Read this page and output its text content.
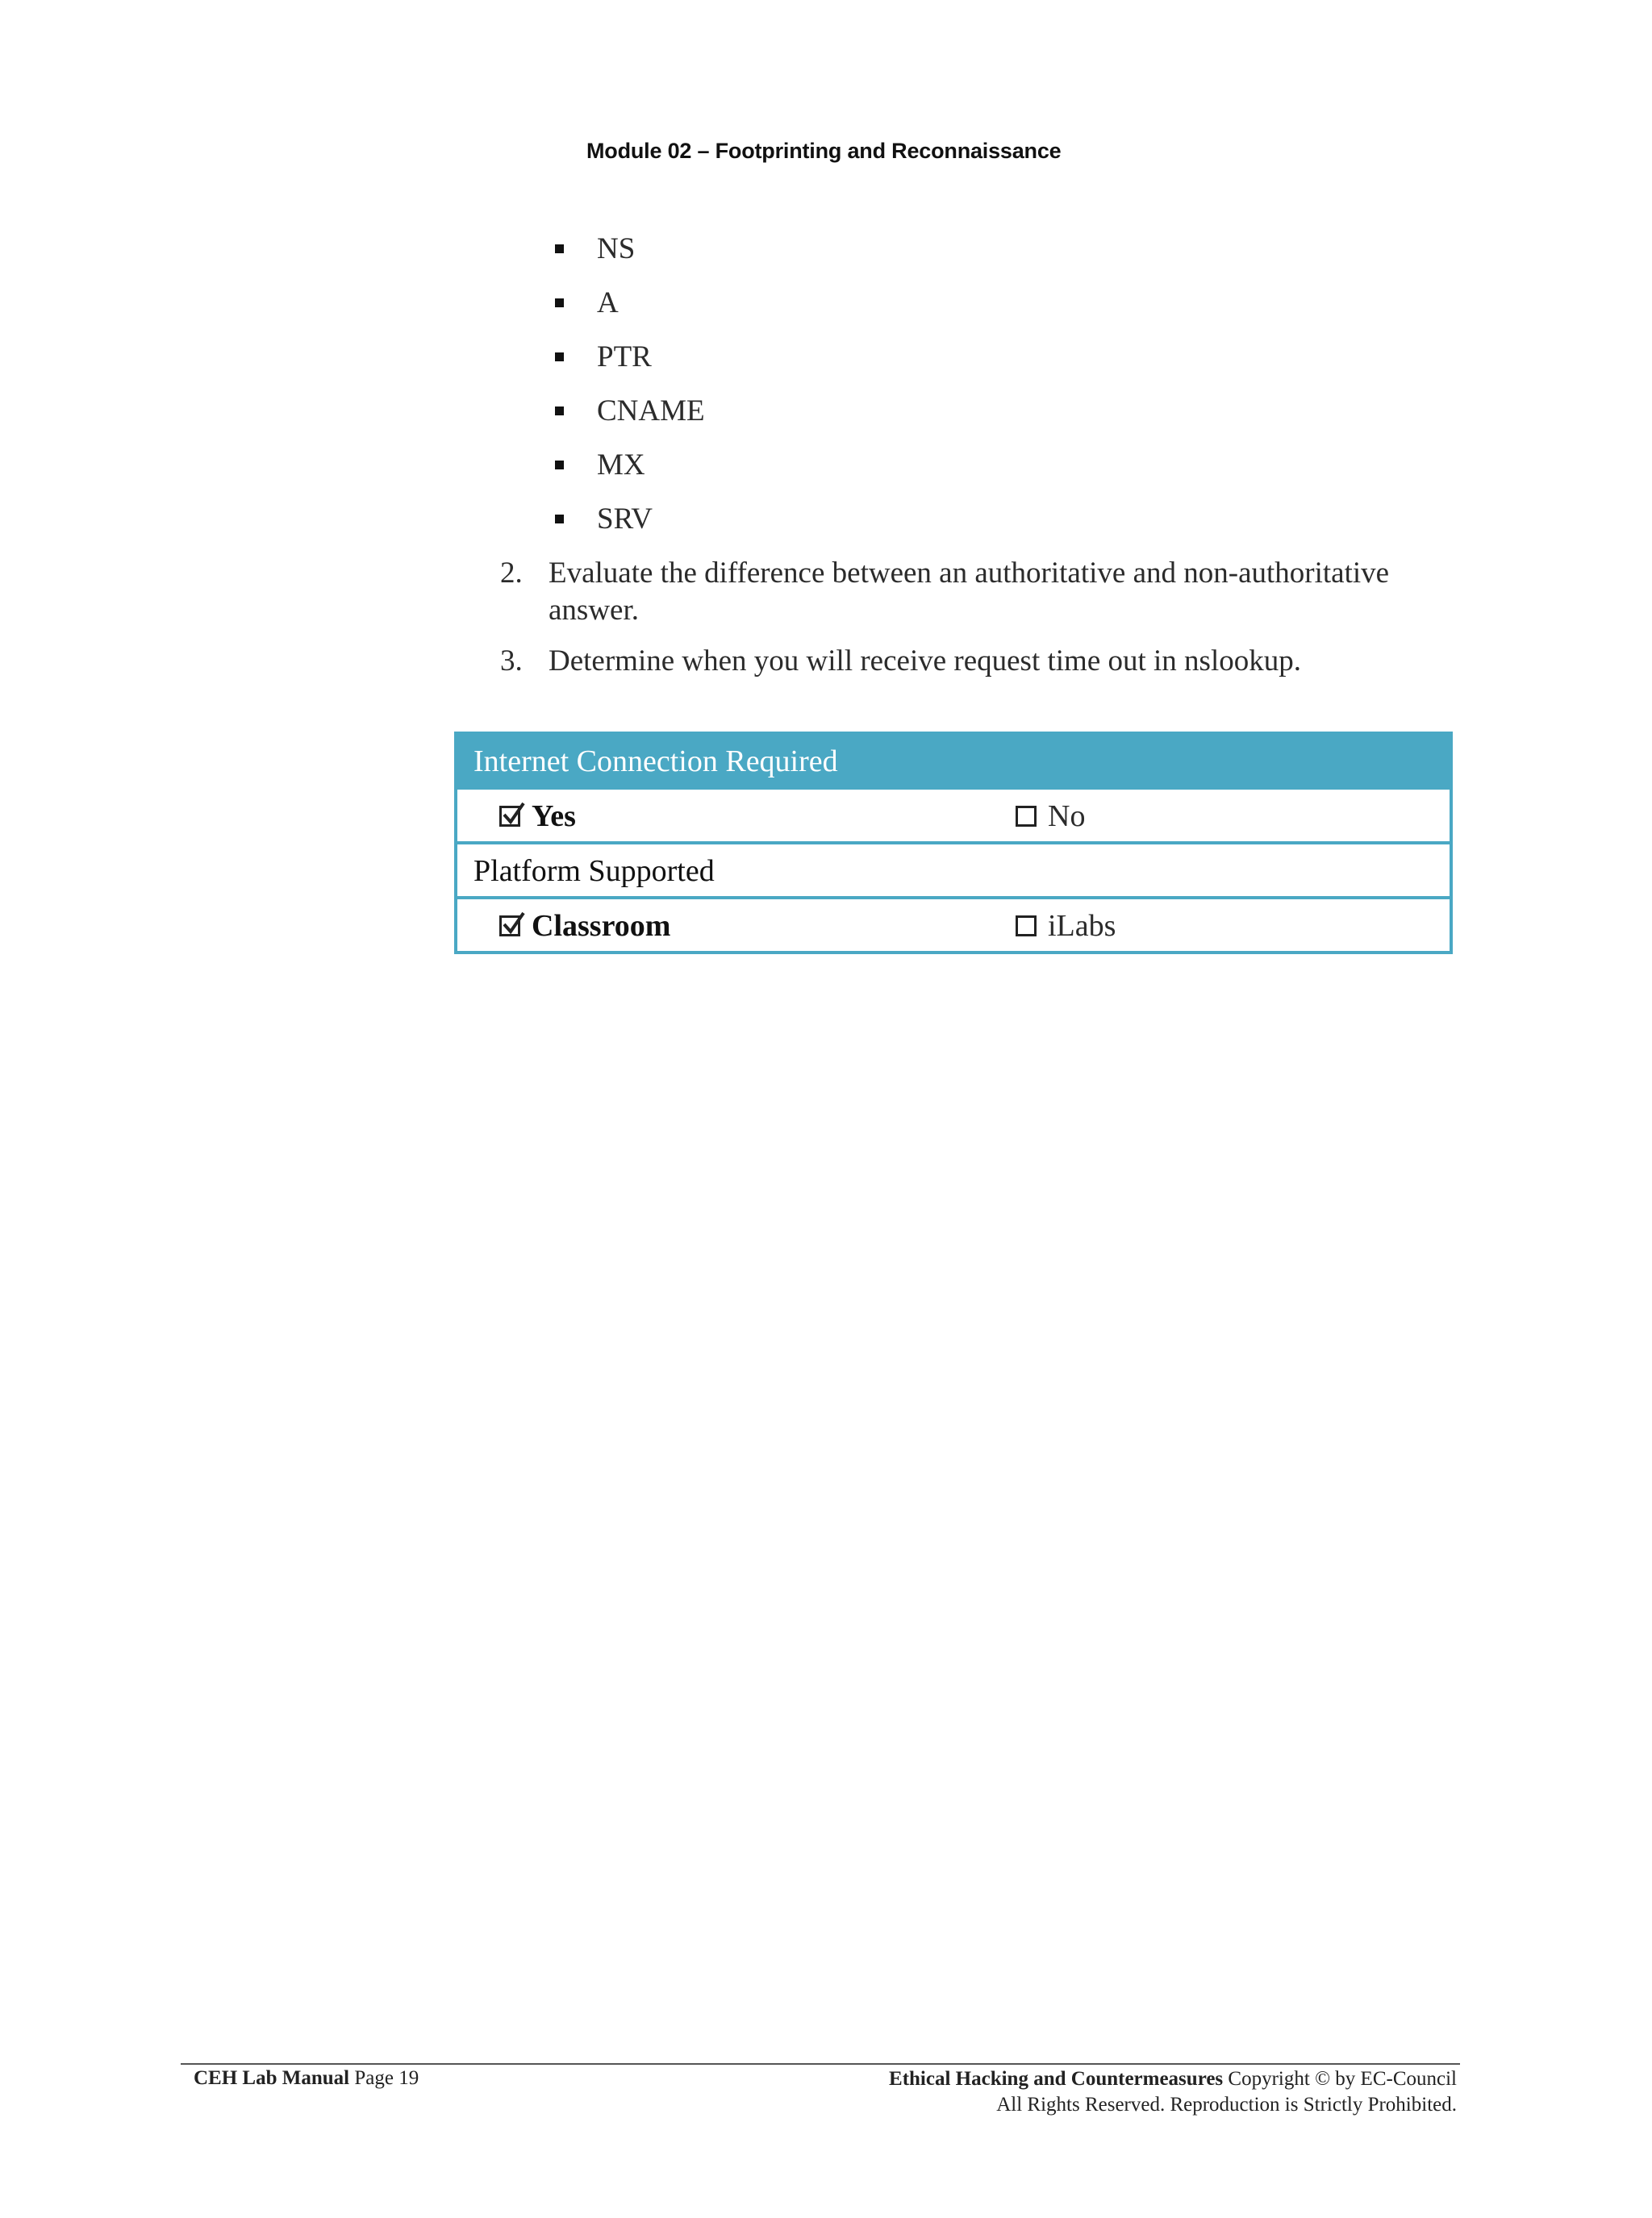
Module 02 – Footprinting and Reconnaissance
NS
A
PTR
CNAME
MX
SRV
2. Evaluate the difference between an authoritative and non-authoritative answer.
3. Determine when you will receive request time out in nslookup.
Internet Connection Required
Yes	No
Platform Supported
Classroom	iLabs
CEH Lab Manual Page 19	Ethical Hacking and Countermeasures Copyright © by EC-Council
All Rights Reserved. Reproduction is Strictly Prohibited.
